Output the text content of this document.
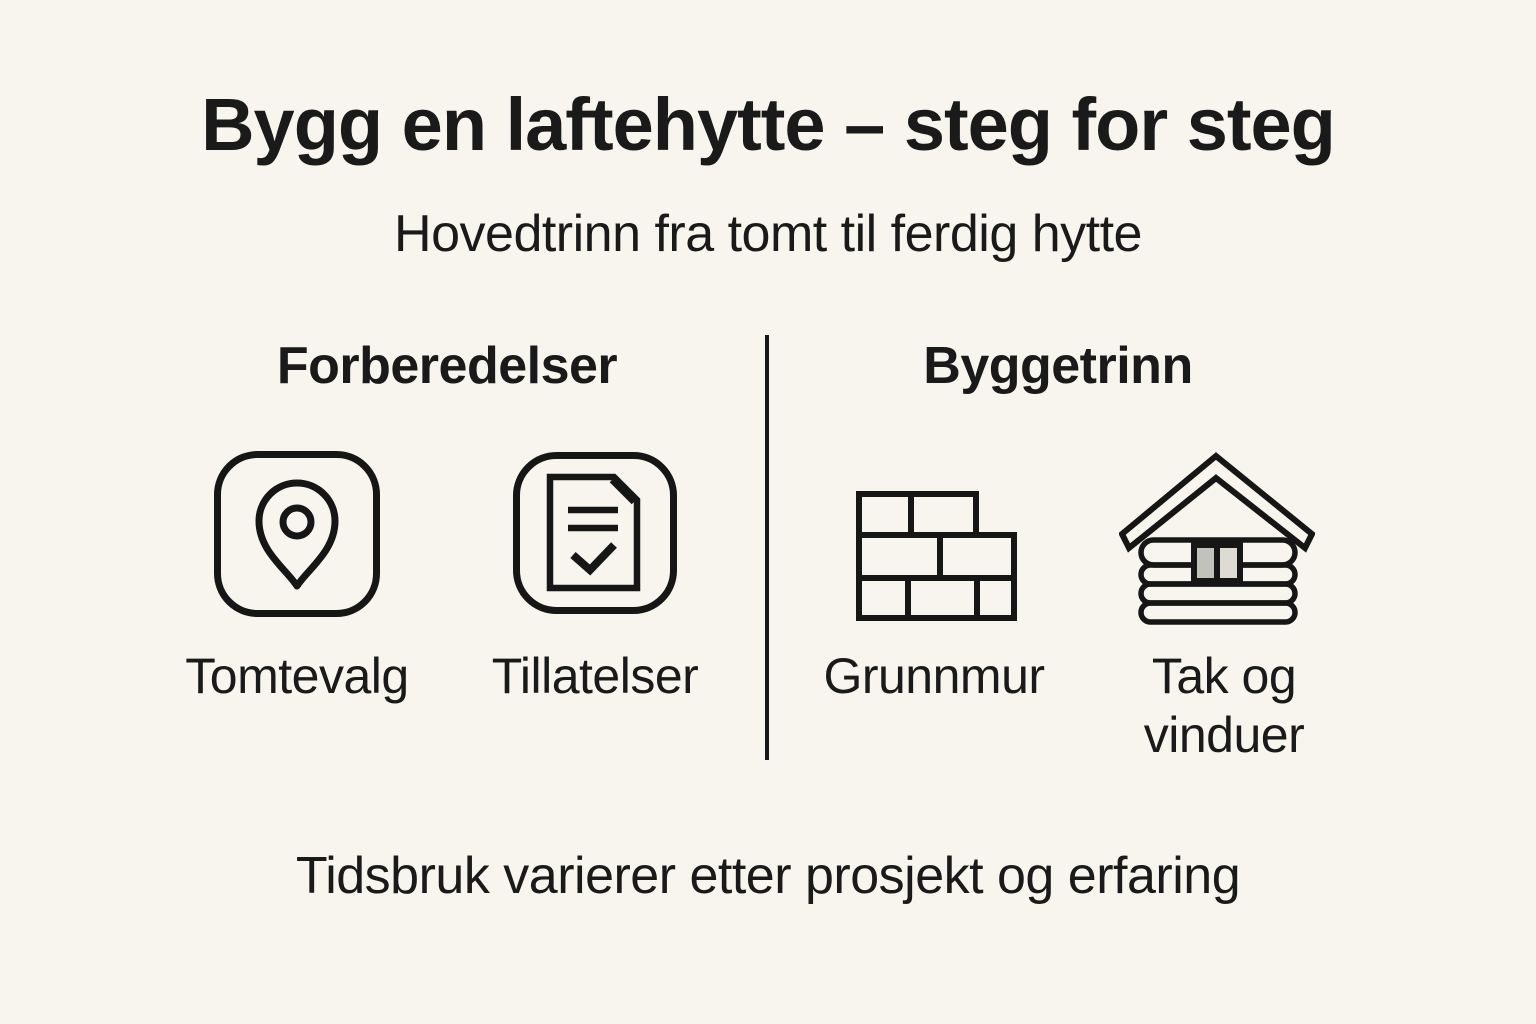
Bygg en laftehytte – steg for steg
Hovedtrinn fra tomt til ferdig hytte
Forberedelser	Byggetrinn
Tomtevalg	Tillatelser	Grunnmur	Tak og vinduer
Tidsbruk varierer etter prosjekt og erfaring
